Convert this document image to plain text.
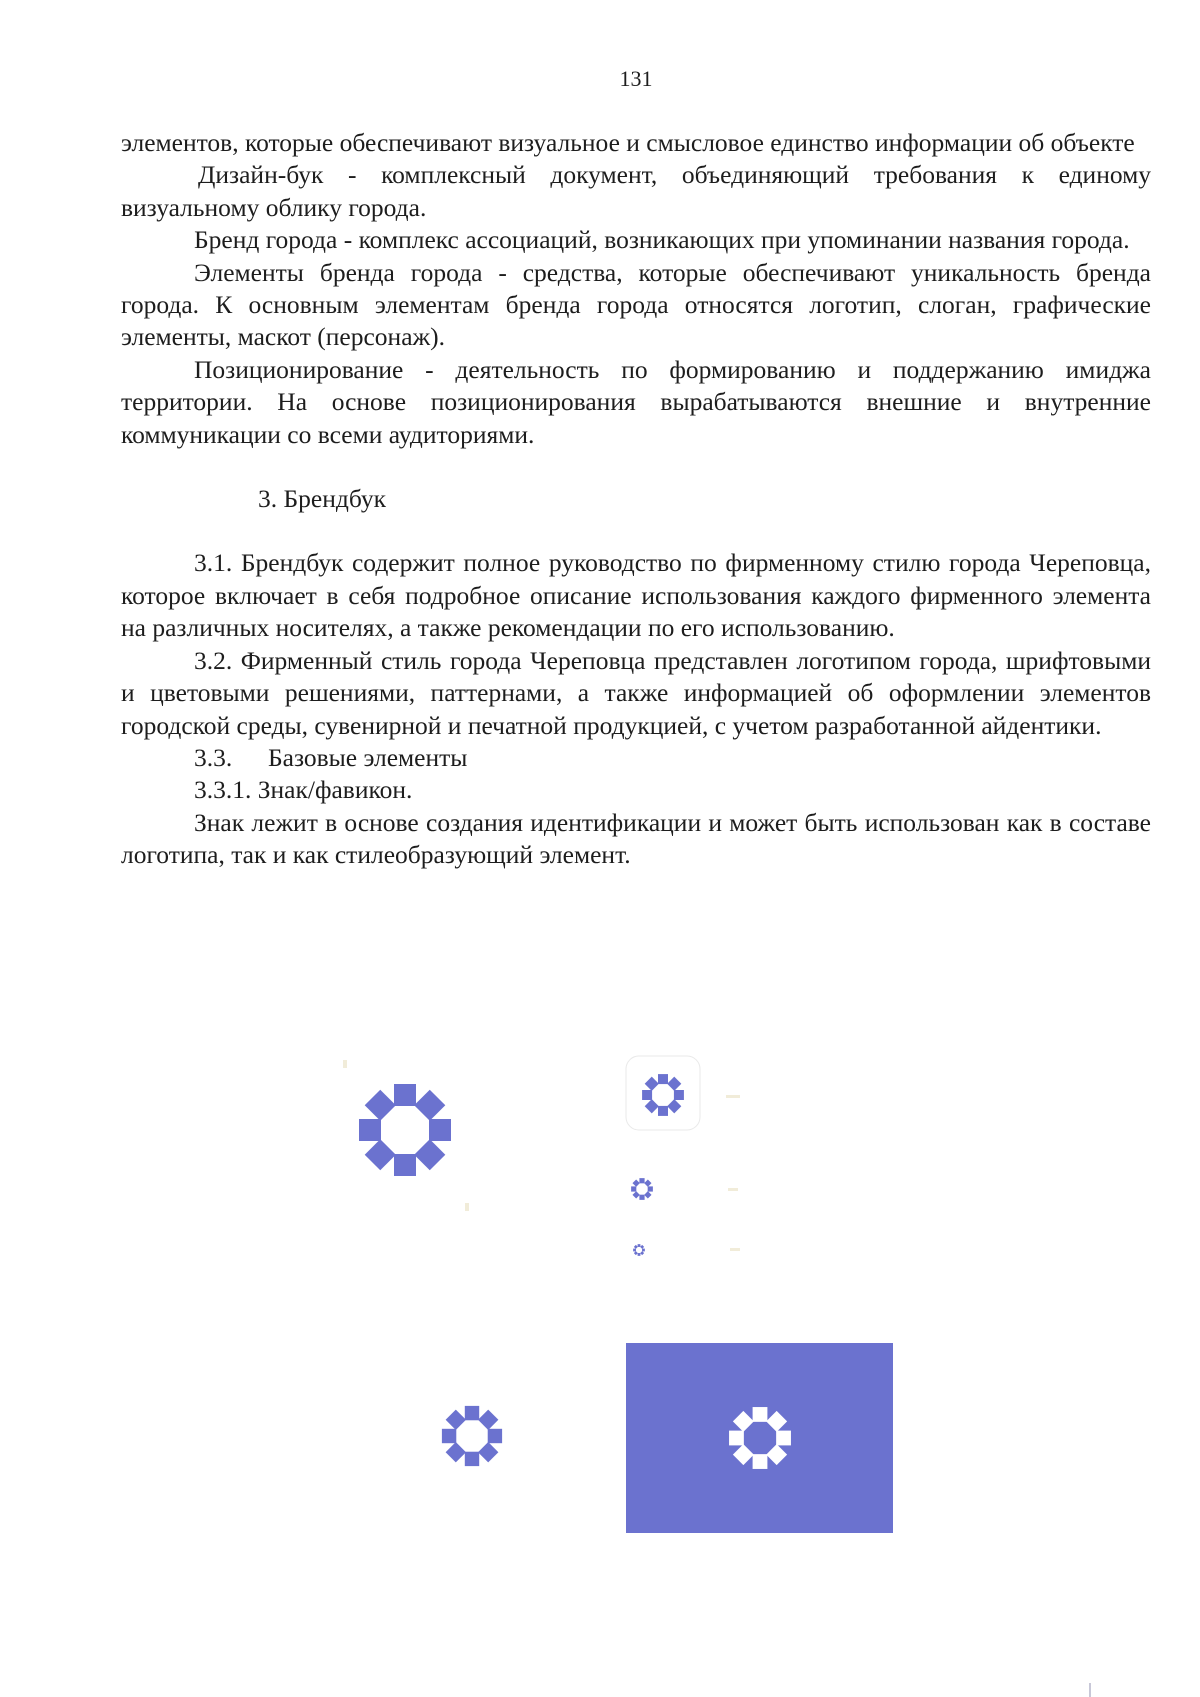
131

элементов, которые обеспечивают визуальное и смысловое единство информации об объекте

Дизайн-бук - комплексный документ, объединяющий требования к единому визуальному облику города.

Бренд города - комплекс ассоциаций, возникающих при упоминании названия города.

Элементы бренда города - средства, которые обеспечивают уникальность бренда города. К основным элементам бренда города относятся логотип, слоган, графические элементы, маскот (персонаж).

Позиционирование - деятельность по формированию и поддержанию имиджа территории. На основе позиционирования вырабатываются внешние и внутренние коммуникации со всеми аудиториями.

3. Брендбук

3.1. Брендбук содержит полное руководство по фирменному стилю города Череповца, которое включает в себя подробное описание использования каждого фирменного элемента на различных носителях, а также рекомендации по его использованию.

3.2. Фирменный стиль города Череповца представлен логотипом города, шрифтовыми и цветовыми решениями, паттернами, а также информацией об оформлении элементов городской среды, сувенирной и печатной продукцией, с учетом разработанной айдентики.

3.3. Базовые элементы

3.3.1. Знак/фавикон.

Знак лежит в основе создания идентификации и может быть использован как в составе логотипа, так и как стилеобразующий элемент.
